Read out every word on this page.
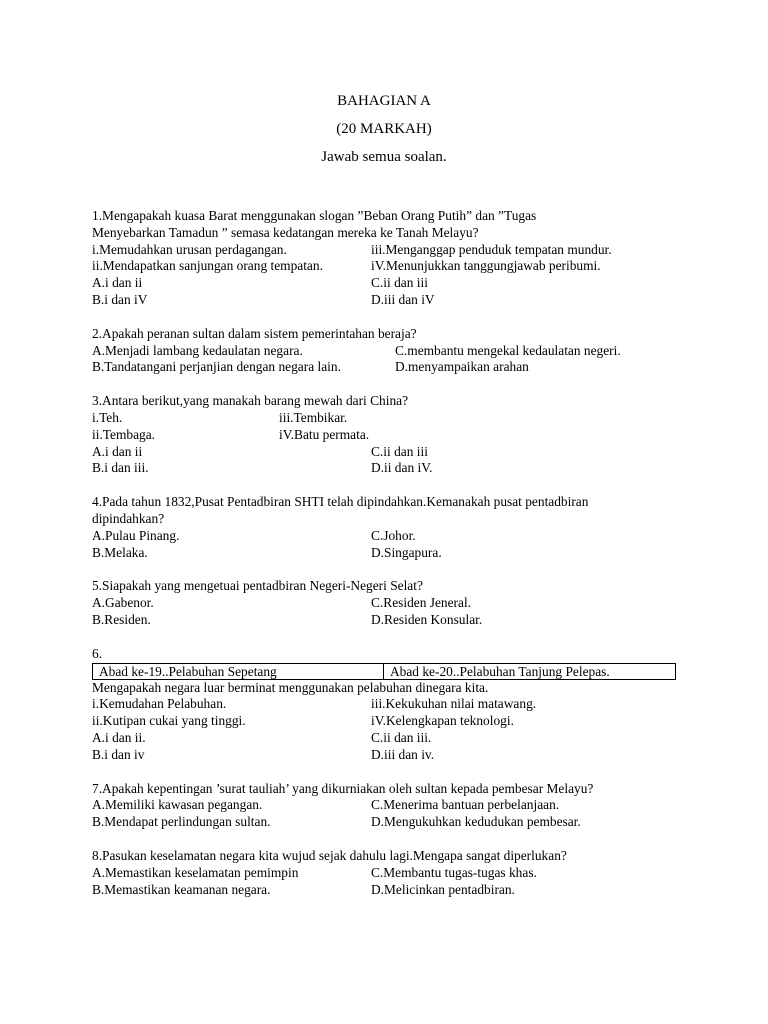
BAHAGIAN A
(20 MARKAH)
Jawab semua soalan.
1.Mengapakah kuasa Barat menggunakan slogan ”Beban Orang Putih” dan ”Tugas
Menyebarkan Tamadun ” semasa kedatangan mereka ke Tanah Melayu?
i.Memudahkan urusan perdagangan.	iii.Menganggap penduduk tempatan mundur.
ii.Mendapatkan sanjungan orang tempatan.	iV.Menunjukkan tanggungjawab peribumi.
A.i dan ii	C.ii dan iii
B.i dan iV	D.iii dan iV
2.Apakah peranan sultan dalam sistem pemerintahan beraja?
A.Menjadi lambang kedaulatan negara.	C.membantu mengekal kedaulatan negeri.
B.Tandatangani perjanjian dengan negara lain.	D.menyampaikan arahan
3.Antara berikut,yang manakah barang mewah dari China?
i.Teh.	iii.Tembikar.
ii.Tembaga.	iV.Batu permata.
A.i dan ii	C.ii dan iii
B.i dan iii.	D.ii dan iV.
4.Pada tahun 1832,Pusat Pentadbiran SHTI telah dipindahkan.Kemanakah pusat pentadbiran
dipindahkan?
A.Pulau Pinang.	C.Johor.
B.Melaka.	D.Singapura.
5.Siapakah yang mengetuai pentadbiran Negeri-Negeri Selat?
A.Gabenor.	C.Residen Jeneral.
B.Residen.	D.Residen Konsular.
6.
Abad ke-19..Pelabuhan Sepetang	Abad ke-20..Pelabuhan Tanjung Pelepas.
Mengapakah negara luar berminat menggunakan pelabuhan dinegara kita.
i.Kemudahan Pelabuhan.	iii.Kekukuhan nilai matawang.
ii.Kutipan cukai yang tinggi.	iV.Kelengkapan teknologi.
A.i dan ii.	C.ii dan iii.
B.i dan iv	D.iii dan iv.
7.Apakah kepentingan ’surat tauliah’ yang dikurniakan oleh sultan kepada pembesar Melayu?
A.Memiliki kawasan pegangan.	C.Menerima bantuan perbelanjaan.
B.Mendapat perlindungan sultan.	D.Mengukuhkan kedudukan pembesar.
8.Pasukan keselamatan negara kita wujud sejak dahulu lagi.Mengapa sangat diperlukan?
A.Memastikan keselamatan pemimpin	C.Membantu tugas-tugas khas.
B.Memastikan keamanan negara.	D.Melicinkan pentadbiran.
